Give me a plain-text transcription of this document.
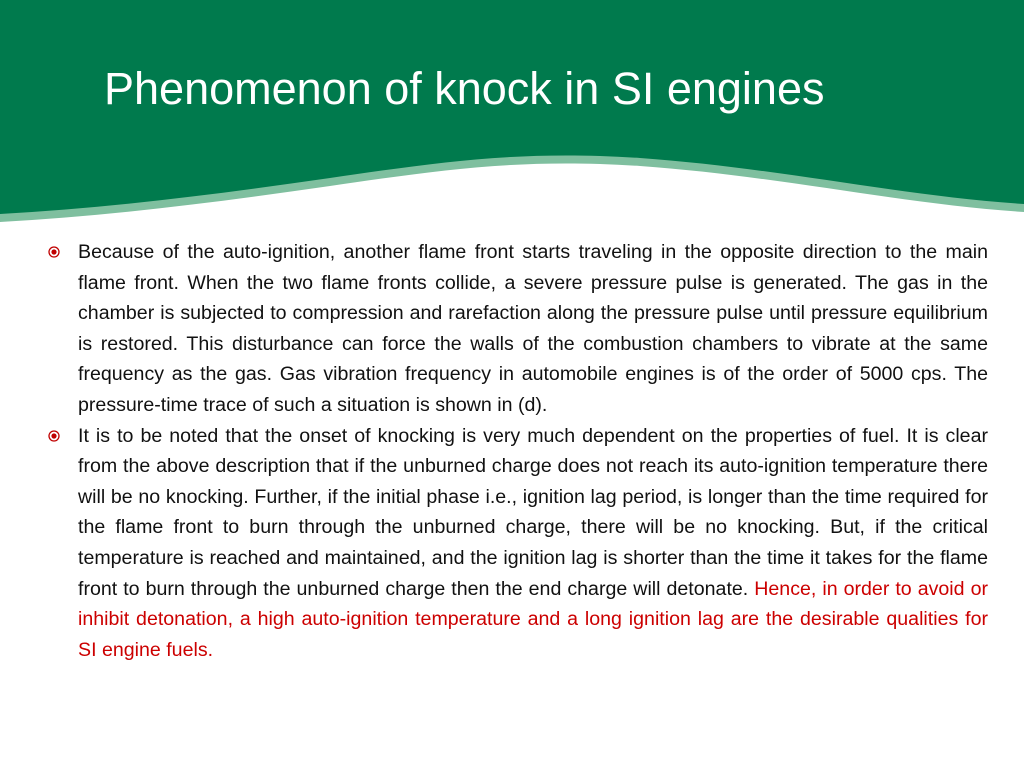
Phenomenon of knock in SI engines
Because of the auto-ignition, another flame front starts traveling in the opposite direction to the main flame front. When the two flame fronts collide, a severe pressure pulse is generated. The gas in the chamber is subjected to compression and rarefaction along the pressure pulse until pressure equilibrium is restored. This disturbance can force the walls of the combustion chambers to vibrate at the same frequency as the gas. Gas vibration frequency in automobile engines is of the order of 5000 cps. The pressure-time trace of such a situation is shown in (d).
It is to be noted that the onset of knocking is very much dependent on the properties of fuel. It is clear from the above description that if the unburned charge does not reach its auto-ignition temperature there will be no knocking. Further, if the initial phase i.e., ignition lag period, is longer than the time required for the flame front to burn through the unburned charge, there will be no knocking. But, if the critical temperature is reached and maintained, and the ignition lag is shorter than the time it takes for the flame front to burn through the unburned charge then the end charge will detonate. Hence, in order to avoid or inhibit detonation, a high auto-ignition temperature and a long ignition lag are the desirable qualities for SI engine fuels.
